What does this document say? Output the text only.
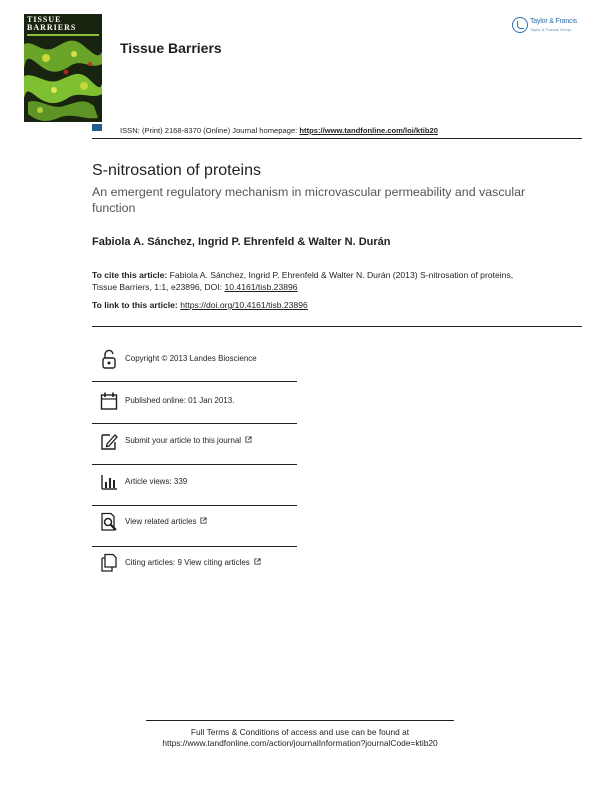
TISSUE
BARRIERS
Tissue Barriers
Taylor & Francis
Taylor & Francis Group
ISSN: (Print) 2168-8370 (Online) Journal homepage: https://www.tandfonline.com/loi/ktib20
S-nitrosation of proteins
An emergent regulatory mechanism in microvascular permeability and vascular function
Fabiola A. Sánchez, Ingrid P. Ehrenfeld & Walter N. Durán
To cite this article: Fabiola A. Sánchez, Ingrid P. Ehrenfeld & Walter N. Durán (2013) S-nitrosation of proteins, Tissue Barriers, 1:1, e23896, DOI: 10.4161/tisb.23896
To link to this article: https://doi.org/10.4161/tisb.23896
Copyright © 2013 Landes Bioscience
Published online: 01 Jan 2013.
Submit your article to this journal
Article views: 339
View related articles
Citing articles: 9 View citing articles
Full Terms & Conditions of access and use can be found at
https://www.tandfonline.com/action/journalInformation?journalCode=ktib20
